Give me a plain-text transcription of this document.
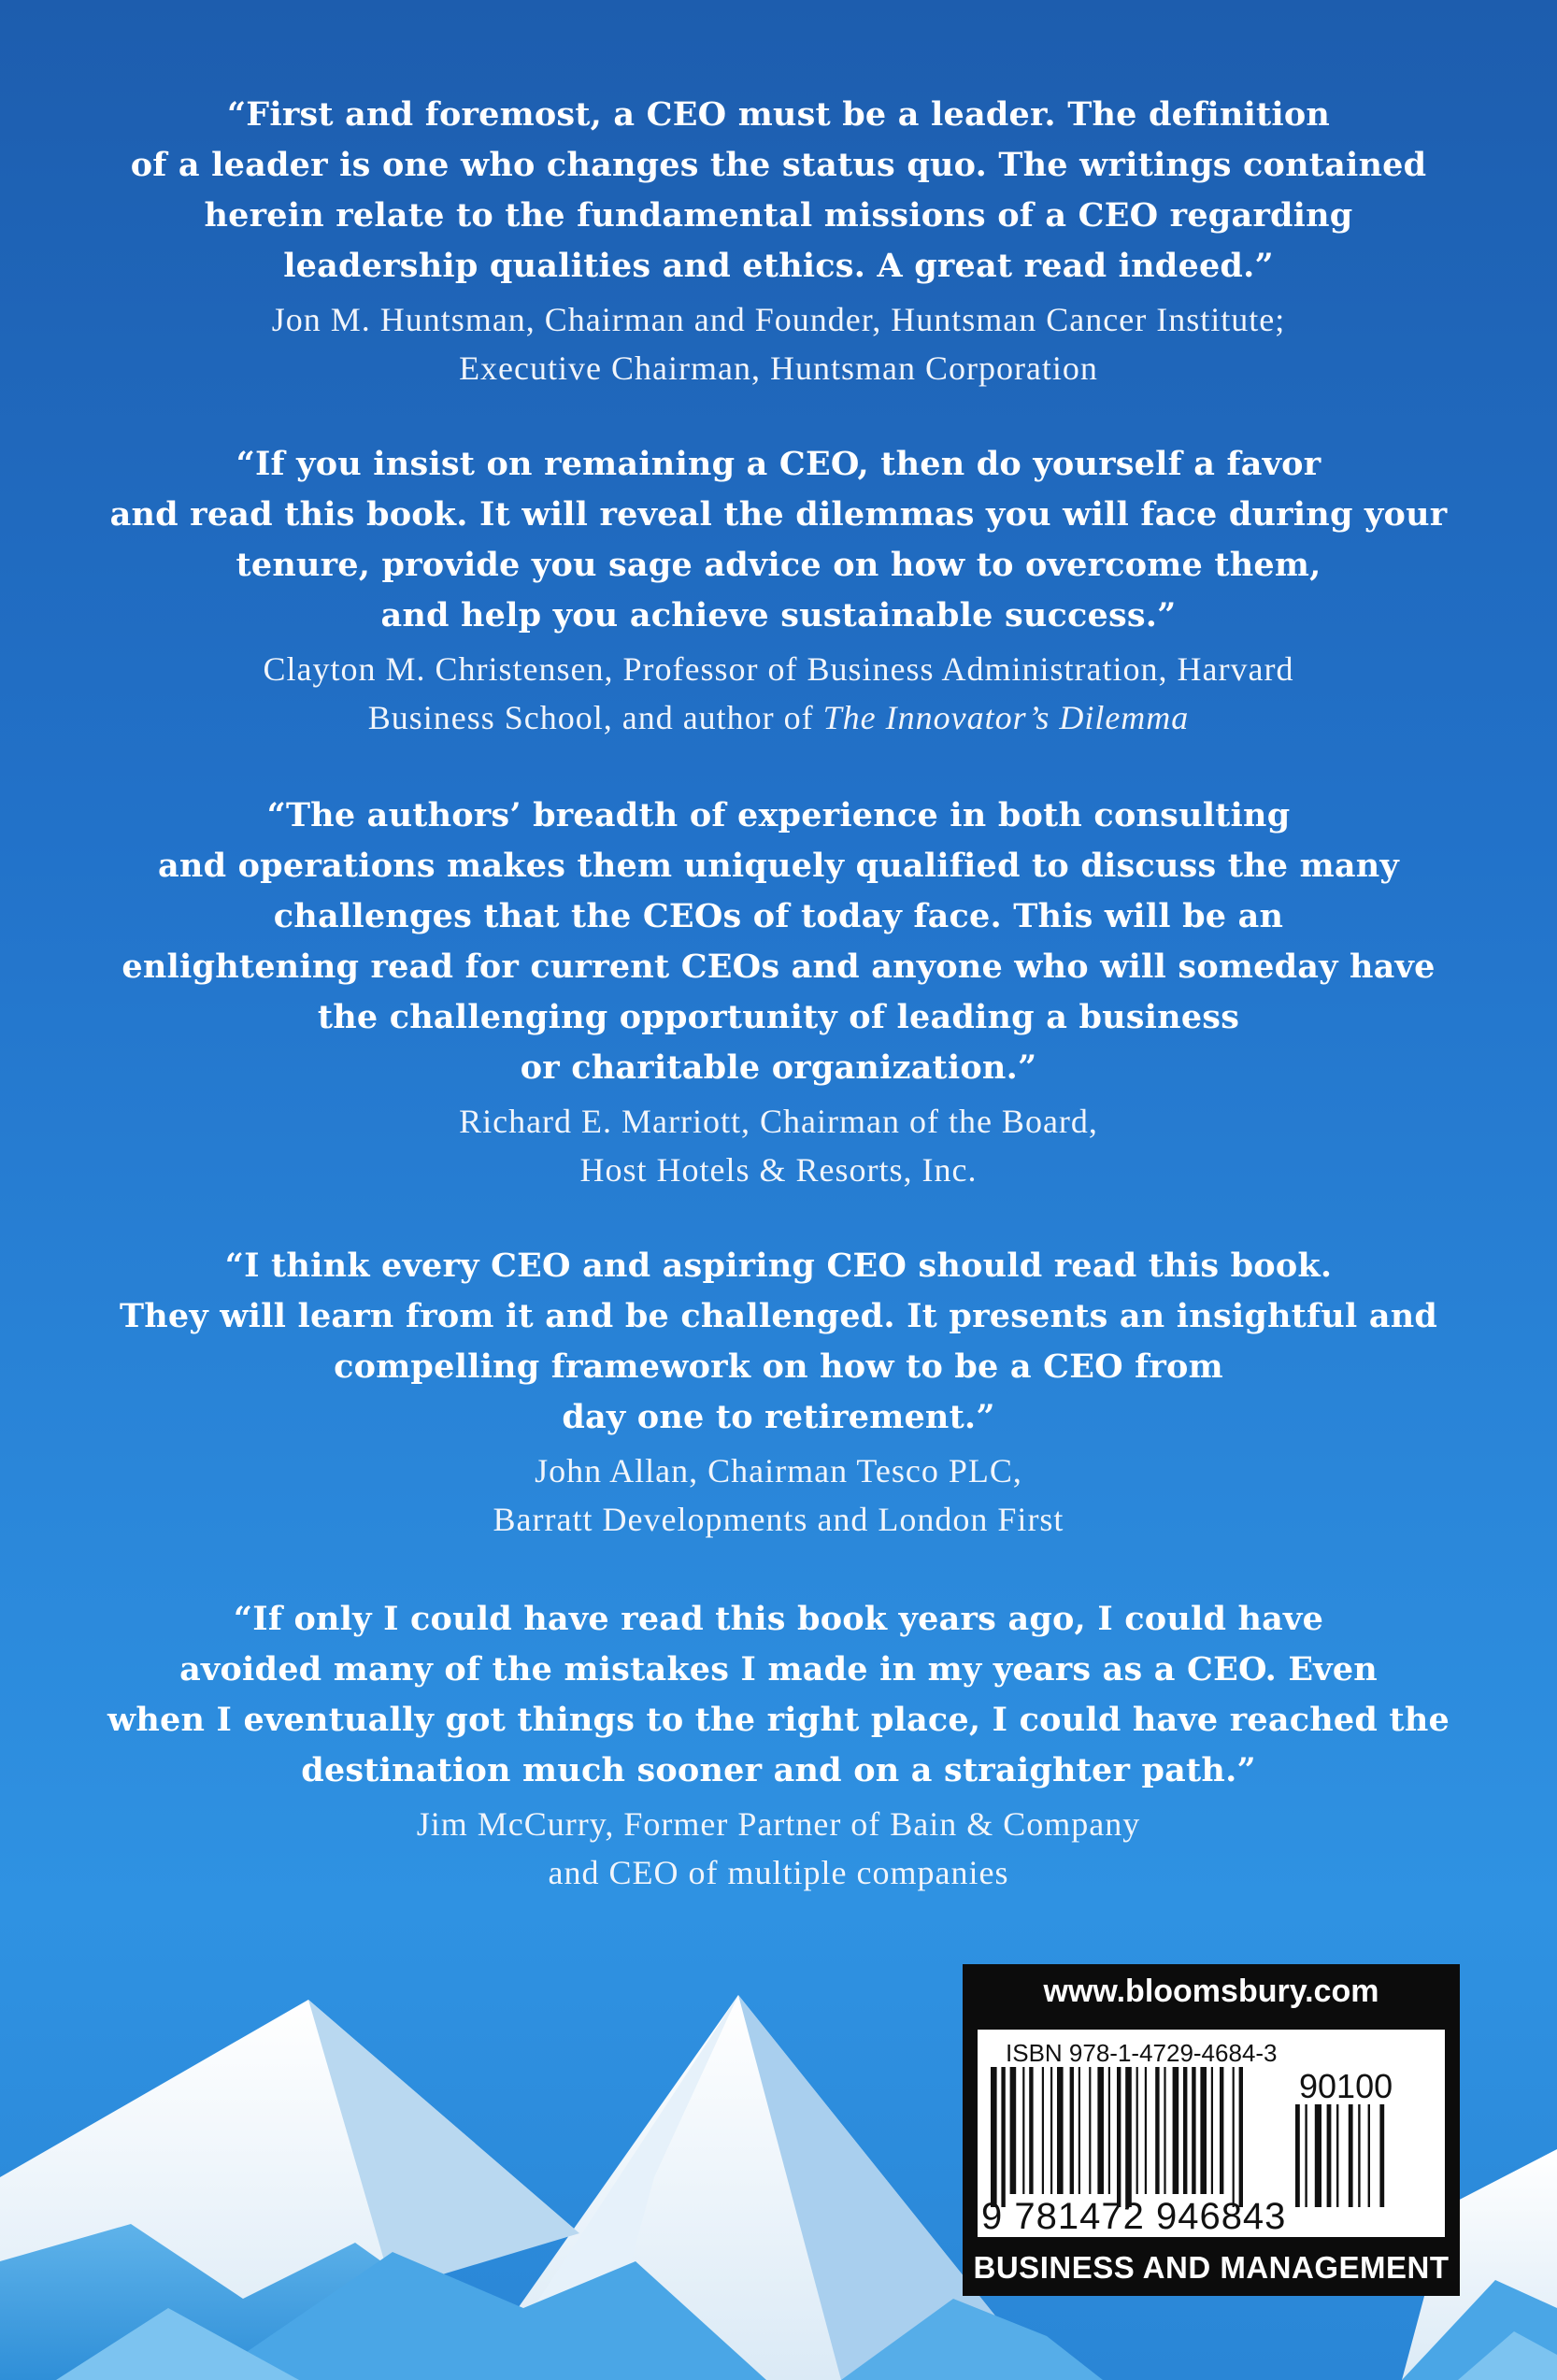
“First and foremost, a CEO must be a leader. The definition
of a leader is one who changes the status quo. The writings contained
herein relate to the fundamental missions of a CEO regarding
leadership qualities and ethics. A great read indeed.”
Jon M. Huntsman, Chairman and Founder, Huntsman Cancer Institute;
Executive Chairman, Huntsman Corporation
“If you insist on remaining a CEO, then do yourself a favor
and read this book. It will reveal the dilemmas you will face during your
tenure, provide you sage advice on how to overcome them,
and help you achieve sustainable success.”
Clayton M. Christensen, Professor of Business Administration, Harvard
Business School, and author of The Innovator’s Dilemma
“The authors’ breadth of experience in both consulting
and operations makes them uniquely qualified to discuss the many
challenges that the CEOs of today face. This will be an
enlightening read for current CEOs and anyone who will someday have
the challenging opportunity of leading a business
or charitable organization.”
Richard E. Marriott, Chairman of the Board,
Host Hotels & Resorts, Inc.
“I think every CEO and aspiring CEO should read this book.
They will learn from it and be challenged. It presents an insightful and
compelling framework on how to be a CEO from
day one to retirement.”
John Allan, Chairman Tesco PLC,
Barratt Developments and London First
“If only I could have read this book years ago, I could have
avoided many of the mistakes I made in my years as a CEO. Even
when I eventually got things to the right place, I could have reached the
destination much sooner and on a straighter path.”
Jim McCurry, Former Partner of Bain & Company
and CEO of multiple companies
www.bloomsbury.com
ISBN 978-1-4729-4684-3
90100
9 781472 946843
BUSINESS AND MANAGEMENT
